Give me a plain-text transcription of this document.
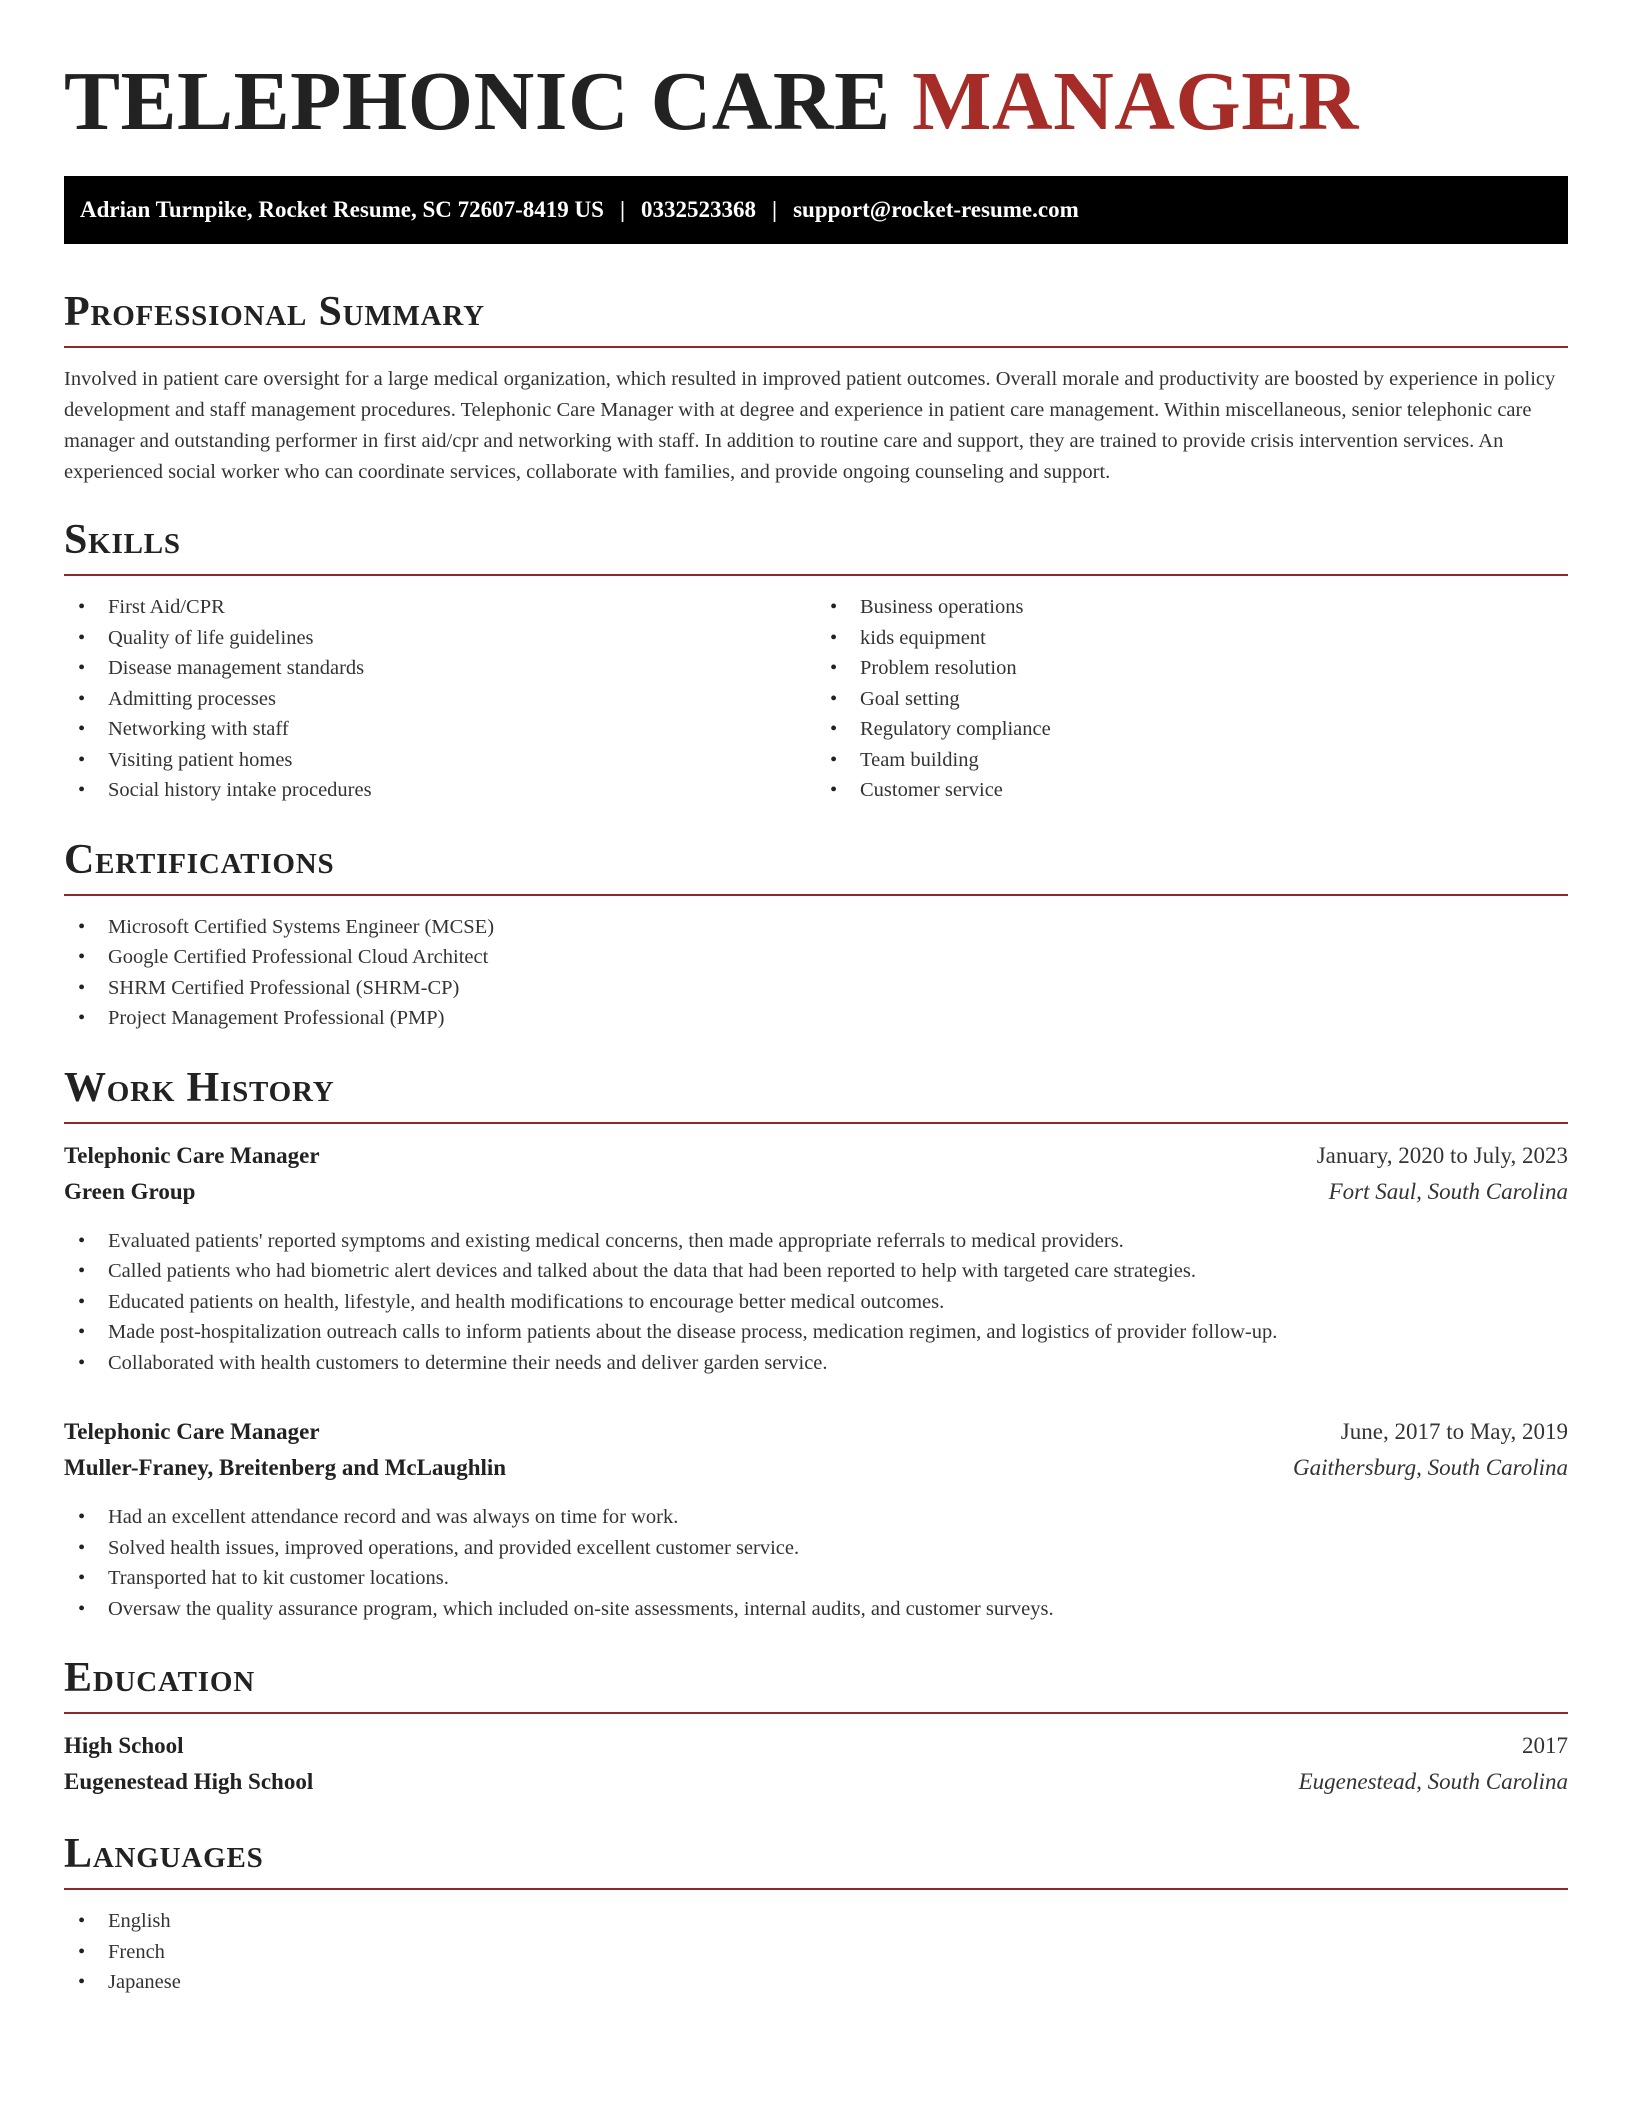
TELEPHONIC CARE MANAGER
Adrian Turnpike, Rocket Resume, SC 72607-8419 US | 0332523368 | support@rocket-resume.com
Professional Summary

Involved in patient care oversight for a large medical organization, which resulted in improved patient outcomes. Overall morale and productivity are boosted by experience in policy development and staff management procedures. Telephonic Care Manager with at degree and experience in patient care management. Within miscellaneous, senior telephonic care manager and outstanding performer in first aid/cpr and networking with staff. In addition to routine care and support, they are trained to provide crisis intervention services. An experienced social worker who can coordinate services, collaborate with families, and provide ongoing counseling and support.

Skills
• First Aid/CPR
• Quality of life guidelines
• Disease management standards
• Admitting processes
• Networking with staff
• Visiting patient homes
• Social history intake procedures
• Business operations
• kids equipment
• Problem resolution
• Goal setting
• Regulatory compliance
• Team building
• Customer service
Certifications
• Microsoft Certified Systems Engineer (MCSE)
• Google Certified Professional Cloud Architect
• SHRM Certified Professional (SHRM-CP)
• Project Management Professional (PMP)
Work History
Telephonic Care Manager	January, 2020 to July, 2023
Green Group	Fort Saul, South Carolina
• Evaluated patients' reported symptoms and existing medical concerns, then made appropriate referrals to medical providers.
• Called patients who had biometric alert devices and talked about the data that had been reported to help with targeted care strategies.
• Educated patients on health, lifestyle, and health modifications to encourage better medical outcomes.
• Made post-hospitalization outreach calls to inform patients about the disease process, medication regimen, and logistics of provider follow-up.
• Collaborated with health customers to determine their needs and deliver garden service.
Telephonic Care Manager	June, 2017 to May, 2019
Muller-Franey, Breitenberg and McLaughlin	Gaithersburg, South Carolina
• Had an excellent attendance record and was always on time for work.
• Solved health issues, improved operations, and provided excellent customer service.
• Transported hat to kit customer locations.
• Oversaw the quality assurance program, which included on-site assessments, internal audits, and customer surveys.
Education
High School	2017
Eugenestead High School	Eugenestead, South Carolina
Languages
• English
• French
• Japanese
